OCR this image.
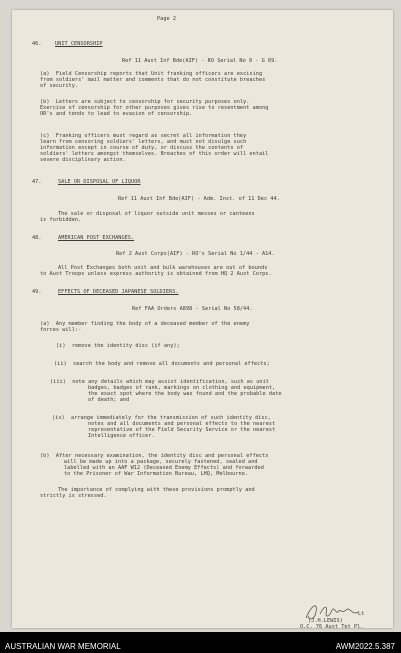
Page 2
46.	UNIT CENSORSHIP
Ref 11 Aust Inf Bde(AIF) - RO Serial No 9 - G 69.
(a)  Field Censorship reports that Unit franking officers are excising
from soldiers' mail matter and comments that do not constitute breaches
of security.
(b)  Letters are subject to censorship for security purposes only.
Exercise of censorship for other purposes gives rise to resentment among
OR's and tends to lead to evasion of censorship.
(c)  Franking officers must regard as secret all information they
learn from censoring soldiers' letters, and must not divulge such
information except in course of duty, or discuss the contents of
soldiers' letters amongst themselves. Breaches of this order will entail
severe disciplinary action.
47.	SALE OR DISPOSAL OF LIQUOR
Ref 11 Aust Inf Bde(AIF) - Adm. Inst. of 11 Dec 44.
The sale or disposal of liquor outside unit messes or canteens
is forbidden.
48.	AMERICAN POST EXCHANGES.
Ref 2 Aust Corps(AIF) - RO's Serial No 1/44 - A14.
All Post Exchanges both unit and bulk warehouses are out of bounds
to Aust Troops unless express authority is obtained from HQ 2 Aust Corps.
49.	EFFECTS OF DECEASED JAPANESE SOLDIERS.
Ref FAA Orders A898 - Serial No 58/44.
(a)  Any member finding the body of a deceased member of the enemy
forces will:-
(i)  remove the identity disc (if any);
(ii)  search the body and remove all documents and personal effects;
(iii)  note any details which may assist identification, such as unit
badges, badges of rank, markings on clothing and equipment,
the exact spot where the body was found and the probable date
of death; and
(iv)  arrange immediately for the transmission of such identity disc,
notes and all documents and personal effects to the nearest
representative of the Field Security Service or the nearest
Intelligence officer.
(b)  After necessary examination, the identity disc and personal effects
will be made up into a package, securely fastened, sealed and
labelled with an AAF W12 (Deceased Enemy Effects) and forwarded
to the Prisoner of War Information Bureau, LHQ, Melbourne.
The importance of complying with these provisions promptly and
strictly is stressed.
Lt
(J.H.LEWIS)
O.C. 76 Aust Tpt Pl.
AUSTRALIAN WAR MEMORIAL	AWM2022.5.387
